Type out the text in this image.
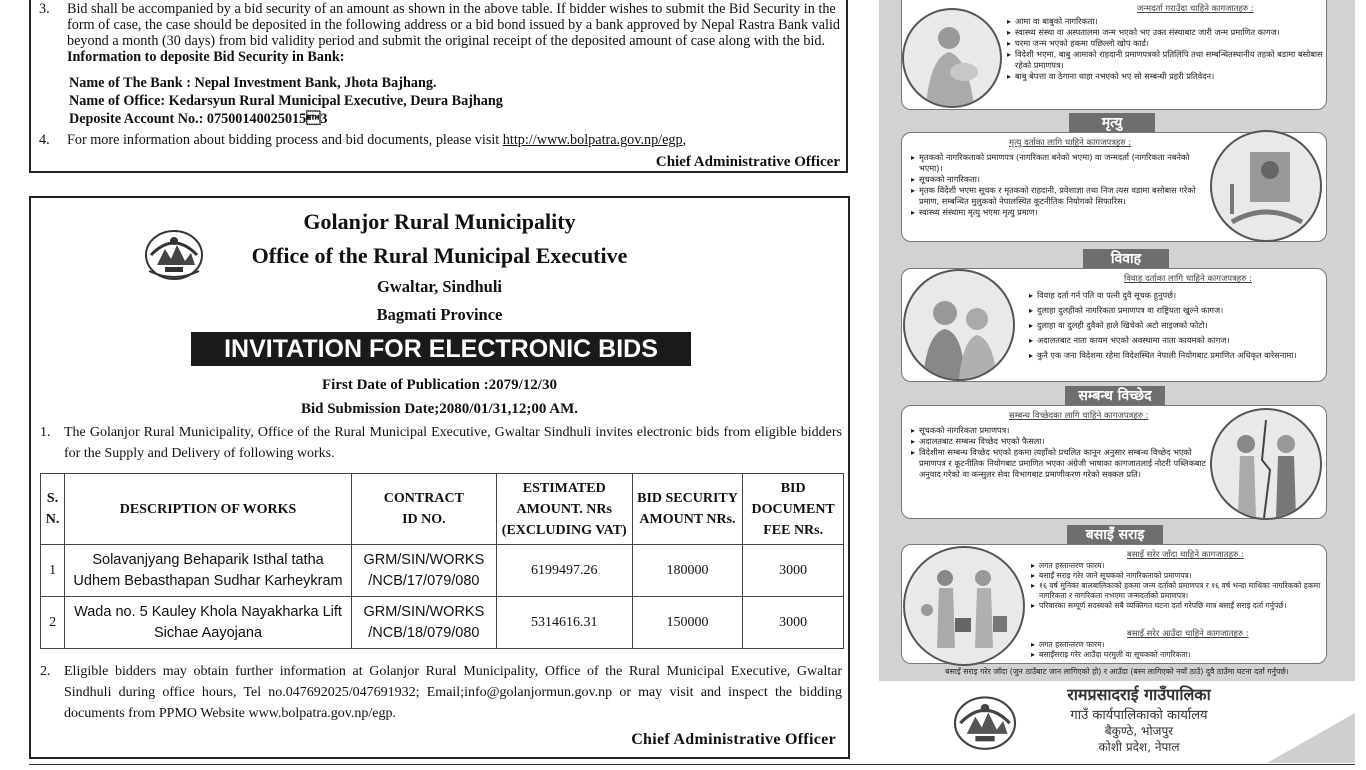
3. Bid shall be accompanied by a bid security of an amount as shown in the above table. If bidder wishes to submit the Bid Security in the form of case, the case should be deposited in the following address or a bid bond issued by a bank approved by Nepal Rastra Bank valid beyond a month (30 days) from bid validity period and submit the original receipt of the deposited amount of case along with the bid. Information to deposite Bid Security in Bank:
Name of The Bank : Nepal Investment Bank, Jhota Bajhang.
Name of Office: Kedarsyun Rural Municipal Executive, Deura Bajhang
Deposite Account No.: 075001400250153
4. For more information about bidding process and bid documents, please visit http://www.bolpatra.gov.np/egp,
Chief Administrative Officer
Golanjor Rural Municipality
Office of the Rural Municipal Executive
Gwaltar, Sindhuli
Bagmati Province
INVITATION FOR ELECTRONIC BIDS
First Date of Publication :2079/12/30
Bid Submission Date;2080/01/31,12;00 AM.
1. The Golanjor Rural Municipality, Office of the Rural Municipal Executive, Gwaltar Sindhuli invites electronic bids from eligible bidders for the Supply and Delivery of following works.
S. N.	DESCRIPTION OF WORKS	CONTRACT ID NO.	ESTIMATED AMOUNT. NRs (EXCLUDING VAT)	BID SECURITY AMOUNT NRs.	BID DOCUMENT FEE NRs.
1	Solavanjyang Behaparik Isthal tatha Udhem Bebasthapan Sudhar Karheykram	GRM/SIN/WORKS /NCB/17/079/080	6199497.26	180000	3000
2	Wada no. 5 Kauley Khola Nayakharka Lift Sichae Aayojana	GRM/SIN/WORKS /NCB/18/079/080	5314616.31	150000	3000
2. Eligible bidders may obtain further information at Golanjor Rural Municipality, Office of the Rural Municipal Executive, Gwaltar Sindhuli during office hours, Tel no.047692025/047691932; Email;info@golanjormun.gov.np or may visit and inspect the bidding documents from PPMO Website www.bolpatra.gov.np/egp.
Chief Administrative Officer
जन्मदर्ता गराउँदा चाहिने कागजातहरु :
▸ आमा वा बाबुको नागरिकता।
▸ स्वास्थ्य संस्था वा अस्पतालमा जन्म भएको भए उक्त संस्थाबाट जारी जन्म प्रमाणित कागज।
▸ घरमा जन्म भएको हकमा पछिल्लो खोप कार्ड।
▸ विदेशी भएमा, बाबु आमाको राहदानी प्रमाणपत्रको प्रतिलिपि तथा सम्बन्धितस्थानीय तहको बडामा बसोबास रहेको प्रमाणपत्र।
▸ बाबु बेपत्ता वा ठेगाना थाहा नभएको भए सो सम्बन्धी प्रहरी प्रतिवेदन।
मृत्यु
मृत्यु दर्ताका लागि चाहिने कागजपत्रहरु :
▸ मृतकको नागरिकताको प्रमाणपत्र (नागरिकता बनेको भएमा) वा जन्मदर्ता (नागरिकता नबनेको भएमा)।
▸ सूचकको नागरिकता।
▸ मृतक विदेशी भएमा सूचक र मृतकको राहदानी, प्रवेशाज्ञा तथा निज त्यस वडामा बसोबास गरेको प्रमाण, सम्बन्धित मुलुकको नेपालस्थित कूटनीतिक नियोगको सिफारिस।
▸ स्वास्थ्य संस्थामा मृत्यु भएमा मृत्यु प्रमाण।
विवाह
विवाह दर्ताका लागि चाहिने कागजपत्रहरु :
▸ विवाह दर्ता गर्न पति वा पत्नी दुवै सूचक हुनुपर्छ।
▸ दुलाहा दुलहीको नागरिकता प्रमाणपत्र वा राष्ट्रियता खुल्ने कागज।
▸ दुलाहा वा दुलही दुवैको हाले खिचेको अटो साइजको फोटो।
▸ अदालतबाट नाता कायम भएको अवस्थामा नाता कायमको कागज।
▸ कुनै एक जना विदेशमा रहेमा विदेशस्थित नेपाली नियोगबाट प्रमाणित अधिकृत वारेसनामा।
सम्बन्ध विच्छेद
सम्बन्ध विच्छेदका लागि चाहिने कागजपत्रहरु :
▸ सूचकको नागरिकता प्रमाणपत्र।
▸ अदालतबाट सम्बन्ध विच्छेद भएको फैसला।
▸ विदेशीमा सम्बन्ध विच्छेद भएको हकमा त्यहाँको प्रचलित कानून अनुसार सम्बन्ध विच्छेद भएको प्रमाणपत्र र कूटनीतिक नियोगबाट प्रमाणित भएका अंग्रेजी भाषाका कागजातलाई नोटरी पब्लिकबाट अनुवाद गरेको वा कन्सुलर सेवा विभागबाट प्रमाणीकरण गरेको सक्कल प्रति।
बसाइँ सराइ
बसाइँ सरेर जाँदा चाहिने कागजातहरु :
▸ लगत हस्तान्तरण फारम।
▸ बसाइँ सराइ गरेर जाने सूचकको नागरिकताको प्रमाणपत्र।
▸ १६ वर्ष मुनिका बालबालिकाको हकमा जन्म दर्ताको प्रमाणपत्र र १६ वर्ष भन्दा माथिका नागरिकको हकमा नागरिकता र नागरिकता नभएमा जन्मदर्ताको प्रमाणपत्र।
▸ परिवारका सम्पूर्ण सदस्यको सबै व्यक्तिगत घटना दर्ता गरेपछि मात्र बसाइँ सराइ दर्ता गर्नुपर्छ।
बसाइँ सरेर आउँदा चाहिने कागजातहरु :
▸ लगत हस्तान्तरण फारम।
▸ बसाइँसराइ गरेर आउँदा घरमुली वा सूचकको नागरिकता।
बसाइँ सराइ गरेर जाँदा (जुन ठाउँबाट जान लागिएको हो) र आउँदा (बस्न लागिएको नयाँ ठाउँ) दुवै ठाउँमा घटना दर्ता गर्नुपर्छ।
रामप्रसादराई गाउँपालिका
गाउँ कार्यपालिकाको कार्यालय
बैकुण्ठे, भोजपुर
कोशी प्रदेश, नेपाल
